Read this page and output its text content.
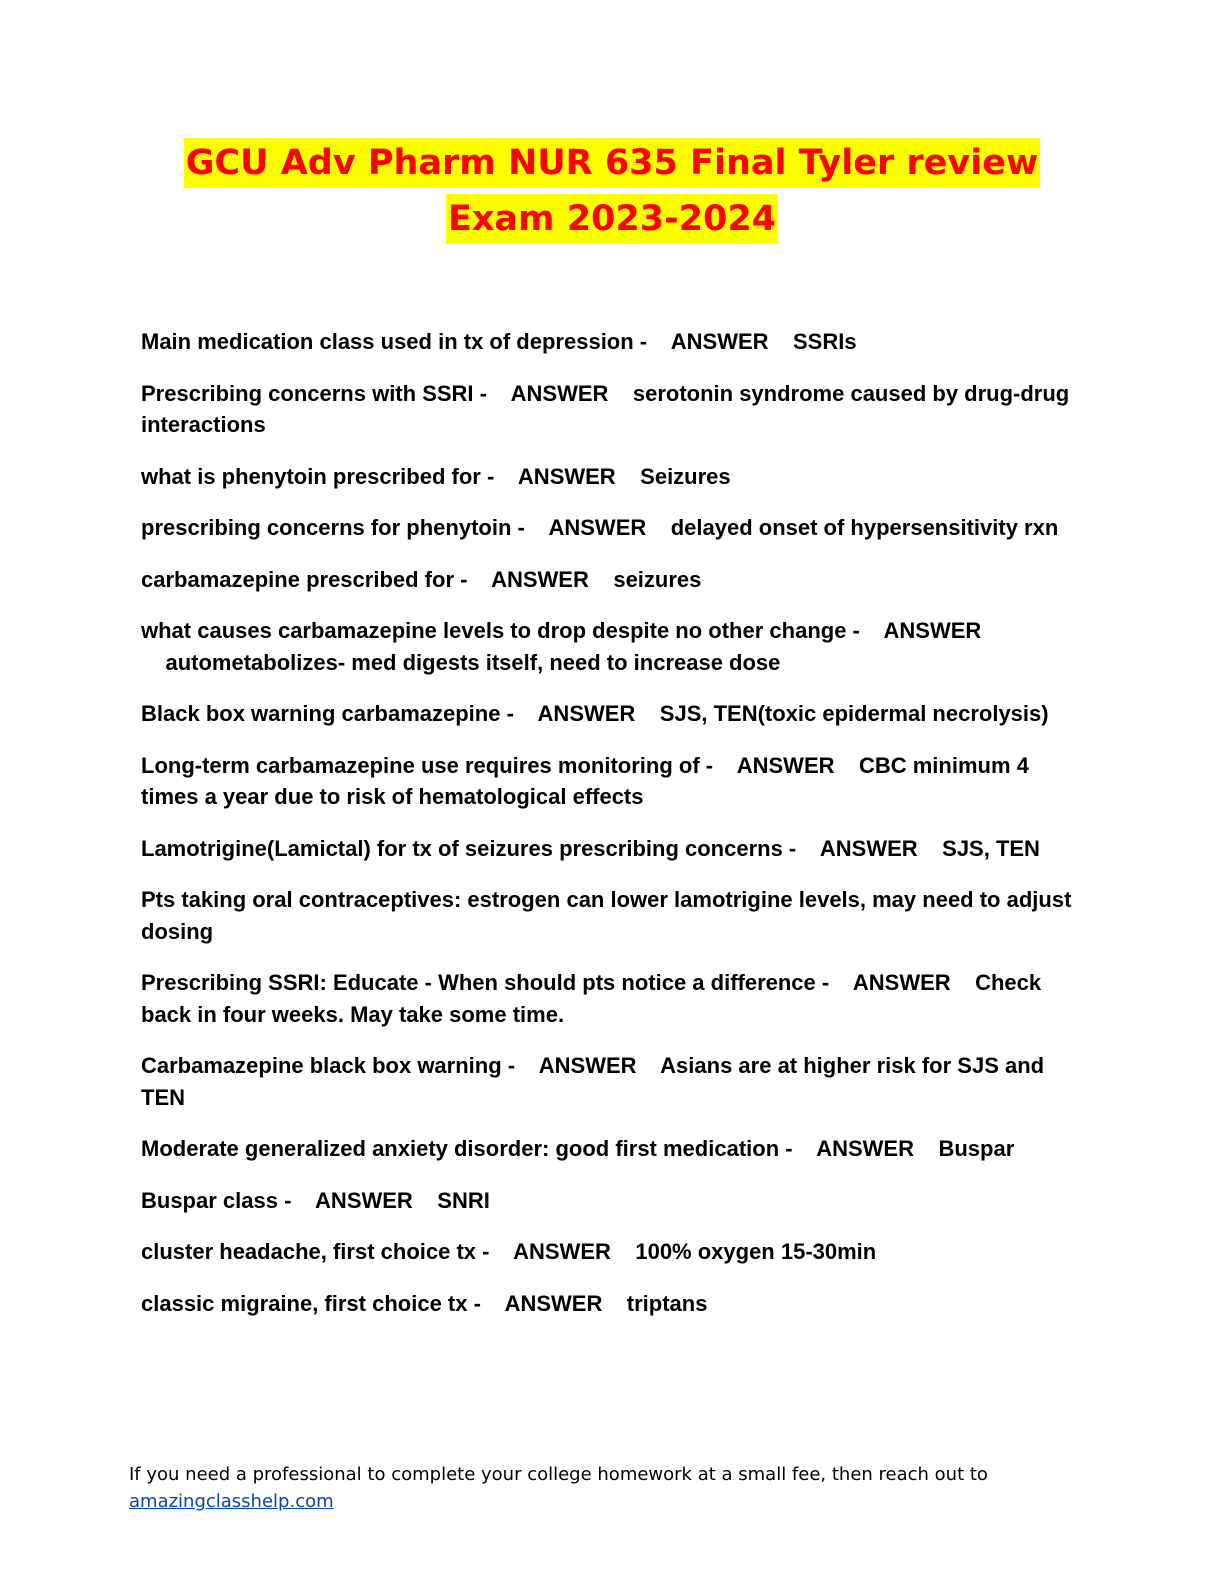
GCU Adv Pharm NUR 635 Final Tyler review
Exam 2023-2024
Main medication class used in tx of depression - ANSWER SSRIs
Prescribing concerns with SSRI - ANSWER serotonin syndrome caused by drug-drug interactions
what is phenytoin prescribed for - ANSWER Seizures
prescribing concerns for phenytoin - ANSWER delayed onset of hypersensitivity rxn
carbamazepine prescribed for - ANSWER seizures
what causes carbamazepine levels to drop despite no other change - ANSWER    autometabolizes- med digests itself, need to increase dose
Black box warning carbamazepine - ANSWER SJS, TEN(toxic epidermal necrolysis)
Long-term carbamazepine use requires monitoring of - ANSWER CBC minimum 4 times a year due to risk of hematological effects
Lamotrigine(Lamictal) for tx of seizures prescribing concerns - ANSWER SJS, TEN
Pts taking oral contraceptives: estrogen can lower lamotrigine levels, may need to adjust dosing
Prescribing SSRI: Educate - When should pts notice a difference - ANSWER Check back in four weeks. May take some time.
Carbamazepine black box warning - ANSWER Asians are at higher risk for SJS and TEN
Moderate generalized anxiety disorder: good first medication - ANSWER Buspar
Buspar class - ANSWER SNRI
cluster headache, first choice tx - ANSWER 100% oxygen 15-30min
classic migraine, first choice tx - ANSWER triptans
If you need a professional to complete your college homework at a small fee, then reach out to
amazingclasshelp.com
